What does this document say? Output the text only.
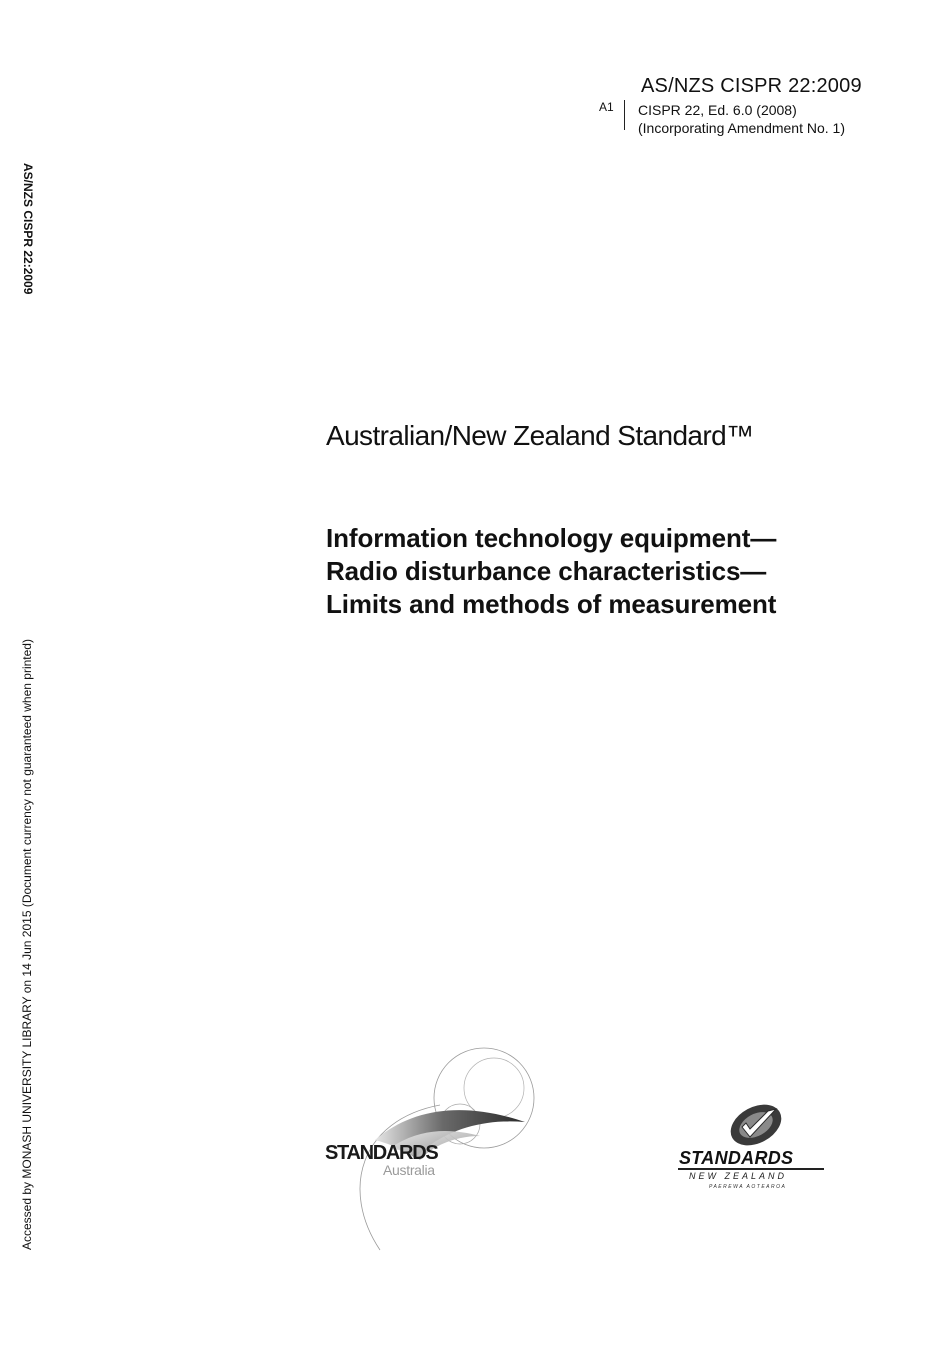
AS/NZS CISPR 22:2009
A1 CISPR 22, Ed. 6.0 (2008)
(Incorporating Amendment No. 1)
AS/NZS CISPR 22:2009
Accessed by MONASH UNIVERSITY LIBRARY on 14 Jun 2015 (Document currency not guaranteed when printed)
Australian/New Zealand Standard™
Information technology equipment—
Radio disturbance characteristics—
Limits and methods of measurement
STANDARDS
Australia
STANDARDS
NEW ZEALAND
PAEREWA AOTEAROA
